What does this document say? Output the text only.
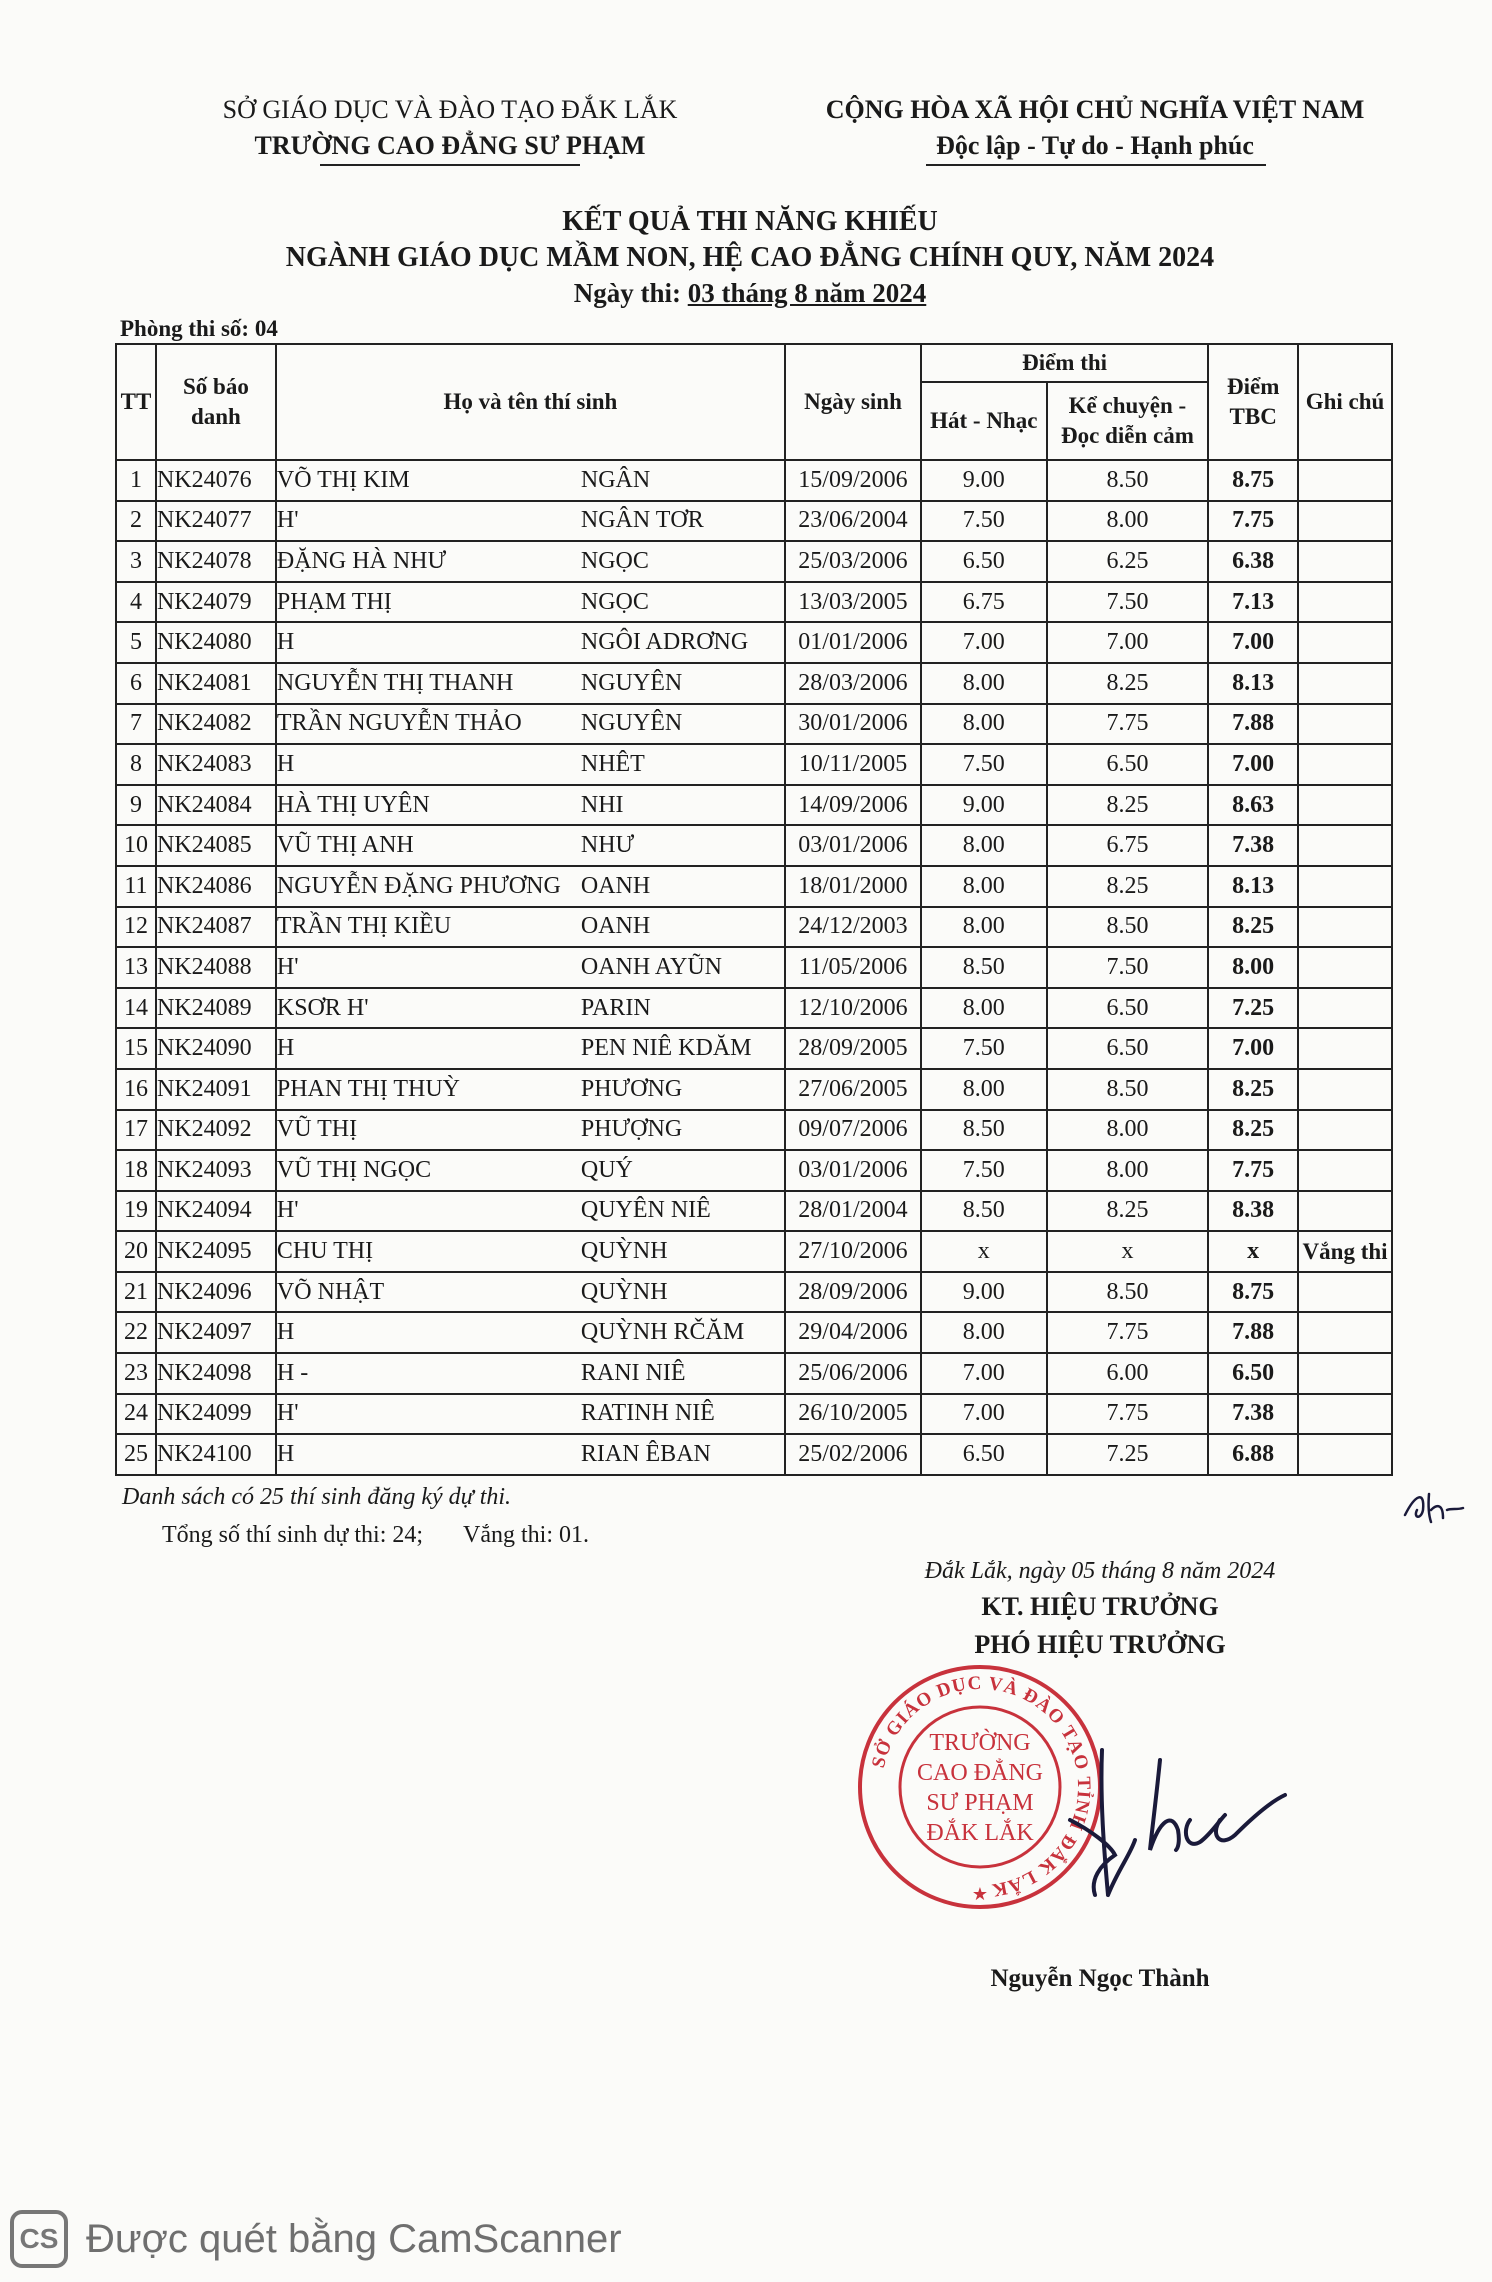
SỞ GIÁO DỤC VÀ ĐÀO TẠO ĐẮK LẮK
TRƯỜNG CAO ĐẲNG SƯ PHẠM
CỘNG HÒA XÃ HỘI CHỦ NGHĨA VIỆT NAM
Độc lập - Tự do - Hạnh phúc
KẾT QUẢ THI NĂNG KHIẾU
NGÀNH GIÁO DỤC MẦM NON, HỆ CAO ĐẲNG CHÍNH QUY, NĂM 2024
Ngày thi: 03 tháng 8 năm 2024
Phòng thi số: 04
TT	Số báo danh	Họ và tên thí sinh	Ngày sinh	Điểm thi		Điểm TBC	Ghi chú
				Hát - Nhạc	Kể chuyện - Đọc diễn cảm		
1	NK24076	VÕ THỊ KIM NGÂN	15/09/2006	9.00	8.50	8.75	
2	NK24077	H' NGÂN TƠR	23/06/2004	7.50	8.00	7.75	
3	NK24078	ĐẶNG HÀ NHƯ NGỌC	25/03/2006	6.50	6.25	6.38	
4	NK24079	PHẠM THỊ NGỌC	13/03/2005	6.75	7.50	7.13	
5	NK24080	H NGÔI ADRƠNG	01/01/2006	7.00	7.00	7.00	
6	NK24081	NGUYỄN THỊ THANH NGUYÊN	28/03/2006	8.00	8.25	8.13	
7	NK24082	TRẦN NGUYỄN THẢO NGUYÊN	30/01/2006	8.00	7.75	7.88	
8	NK24083	H NHÊT	10/11/2005	7.50	6.50	7.00	
9	NK24084	HÀ THỊ UYÊN NHI	14/09/2006	9.00	8.25	8.63	
10	NK24085	VŨ THỊ ANH NHƯ	03/01/2006	8.00	6.75	7.38	
11	NK24086	NGUYỄN ĐẶNG PHƯƠNG OANH	18/01/2000	8.00	8.25	8.13	
12	NK24087	TRẦN THỊ KIỀU OANH	24/12/2003	8.00	8.50	8.25	
13	NK24088	H' OANH AYŨN	11/05/2006	8.50	7.50	8.00	
14	NK24089	KSƠR H' PARIN	12/10/2006	8.00	6.50	7.25	
15	NK24090	H PEN NIÊ KDĂM	28/09/2005	7.50	6.50	7.00	
16	NK24091	PHAN THỊ THUỲ PHƯƠNG	27/06/2005	8.00	8.50	8.25	
17	NK24092	VŨ THỊ PHƯỢNG	09/07/2006	8.50	8.00	8.25	
18	NK24093	VŨ THỊ NGỌC QUÝ	03/01/2006	7.50	8.00	7.75	
19	NK24094	H' QUYÊN NIÊ	28/01/2004	8.50	8.25	8.38	
20	NK24095	CHU THỊ QUỲNH	27/10/2006	x	x	x	Vắng thi
21	NK24096	VÕ NHẬT QUỲNH	28/09/2006	9.00	8.50	8.75	
22	NK24097	H QUỲNH RČĂM	29/04/2006	8.00	7.75	7.88	
23	NK24098	H - RANI NIÊ	25/06/2006	7.00	6.00	6.50	
24	NK24099	H' RATINH NIÊ	26/10/2005	7.00	7.75	7.38	
25	NK24100	H RIAN ÊBAN	25/02/2006	6.50	7.25	6.88	
Danh sách có 25 thí sinh đăng ký dự thi.
Tổng số thí sinh dự thi: 24; Vắng thi: 01.
Đắk Lắk, ngày 05 tháng 8 năm 2024
KT. HIỆU TRƯỞNG
PHÓ HIỆU TRƯỞNG
SỞ GIÁO DỤC VÀ ĐÀO TẠO TỈNH ĐẮK LẮK
TRƯỜNG
CAO ĐẲNG
SƯ PHẠM
ĐẮK LẮK
★
Nguyễn Ngọc Thành
CS Được quét bằng CamScanner
